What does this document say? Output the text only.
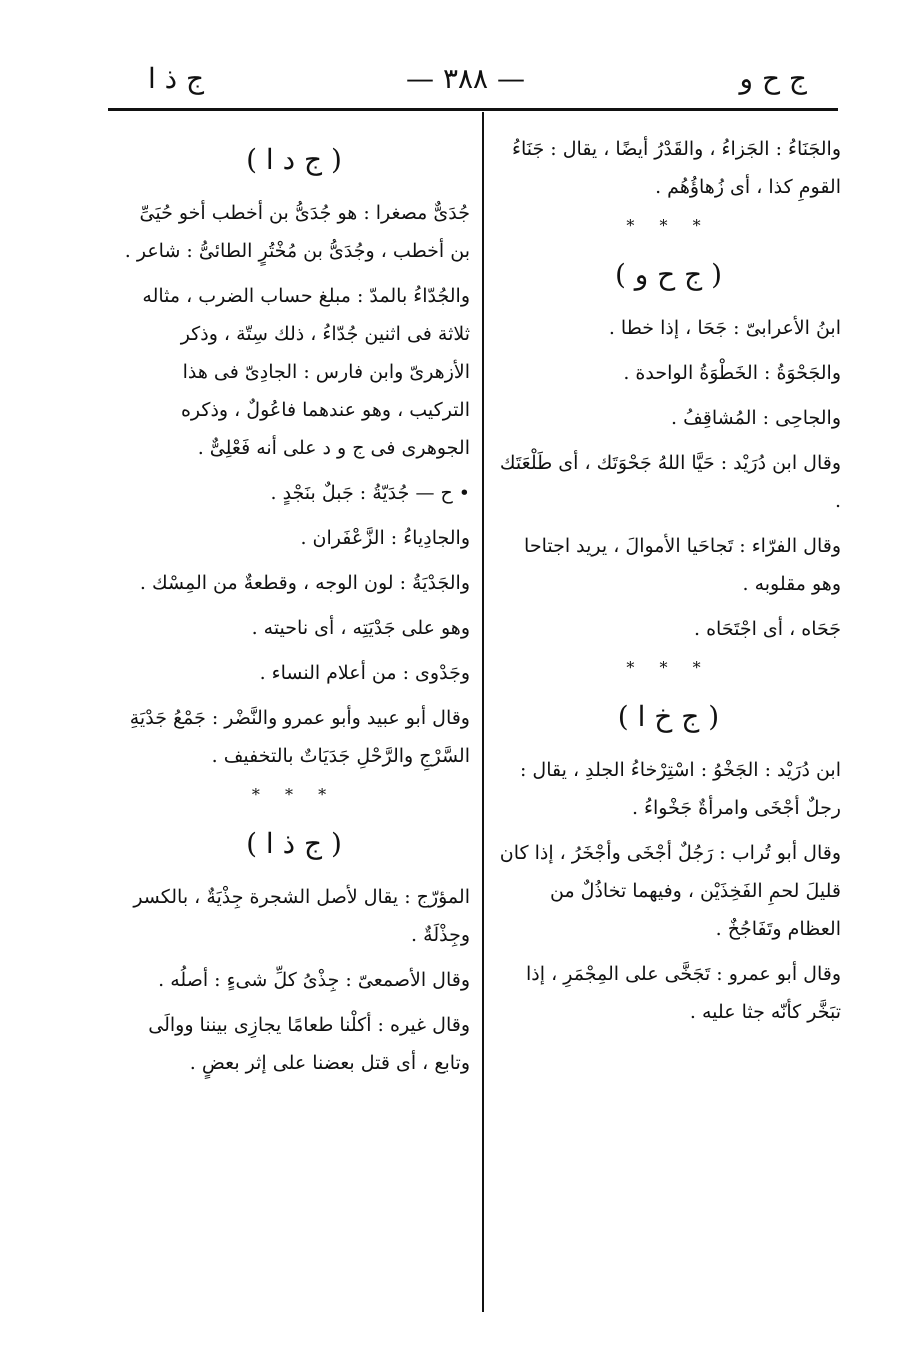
ج ح و
— ٣٨٨ —
ج ذ ا

والجَنَاءُ : الجَزاءُ ، والقَدْرُ أيضًا ، يقال : جَنَاءُ القومِ كذا ، أى زُهاؤُهُم .

* * *
( ج ح و )

ابنُ الأعرابىّ : جَحَا ، إذا خطا .

والجَحْوَةُ : الخَطْوَةُ الواحدة .

والجاحِى : المُشاقِفُ .

وقال ابن دُرَيْد : حَيَّا اللهُ جَحْوَتَك ، أى طَلْعَتَك .

وقال الفرّاء : تَجاحَيا الأموالَ ، يريد اجتاحا وهو مقلوبه .

جَحَاه ، أى اجْتَحَاه .

* * *
( ج خ ا )

ابن دُرَيْد : الجَخْوُ : اسْتِرْخاءُ الجلدِ ، يقال : رجلٌ أجْخَى وامرأةٌ جَخْواءُ .

وقال أبو تُراب : رَجُلٌ أجْخَى وأجْخَرُ ، إذا كان قليلَ لحمِ الفَخِذَيْن ، وفيهما تخاذُلٌ من العظام وتَفَاجُخٌ .

وقال أبو عمرو : تَجَخَّى على المِجْمَرِ ، إذا تبَخَّر كأنّه جثا عليه .

( ج د ا )

جُدَىٌّ مصغرا : هو جُدَىُّ بن أخطب أخو حُيَىِّ بن أخطب ، وجُدَىُّ بن مُخْتُرٍ الطائىُّ : شاعر .

والجُدّاءُ بالمدّ : مبلغ حساب الضرب ، مثاله ثلاثة فى اثنين جُدّاءُ ، ذلك سِتّة ، وذكر الأزهرىّ وابن فارس : الجادِىّ فى هذا التركيب ، وهو عندهما فاعُولٌ ، وذكره الجوهرى فى ج و د على أنه فَعْلِىٌّ .

• ح — جُدَيّةُ : جَبلٌ بنَجْدٍ .

والجادِياءُ : الزَّعْفَران .

والجَدْيَةُ : لون الوجه ، وقطعةٌ من المِسْك .

وهو على جَدْيَتِه ، أى ناحيته .

وجَدْوى : من أعلام النساء .

وقال أبو عبيد وأبو عمرو والنَّضْر : جَمْعُ جَدْيَةِ السَّرْجِ والرَّحْلِ جَدَيَاتٌ بالتخفيف .

* * *
( ج ذ ا )

المؤرّج : يقال لأصل الشجرة جِذْيَةٌ ، بالكسر وجِذْلَةٌ .

وقال الأصمعىّ : جِذْىُ كلِّ شىءٍ : أصلُه .

وقال غيره : أكلْنا طعامًا يجازِى بيننا ووالَى وتابع ، أى قتل بعضنا على إثر بعضٍ .
